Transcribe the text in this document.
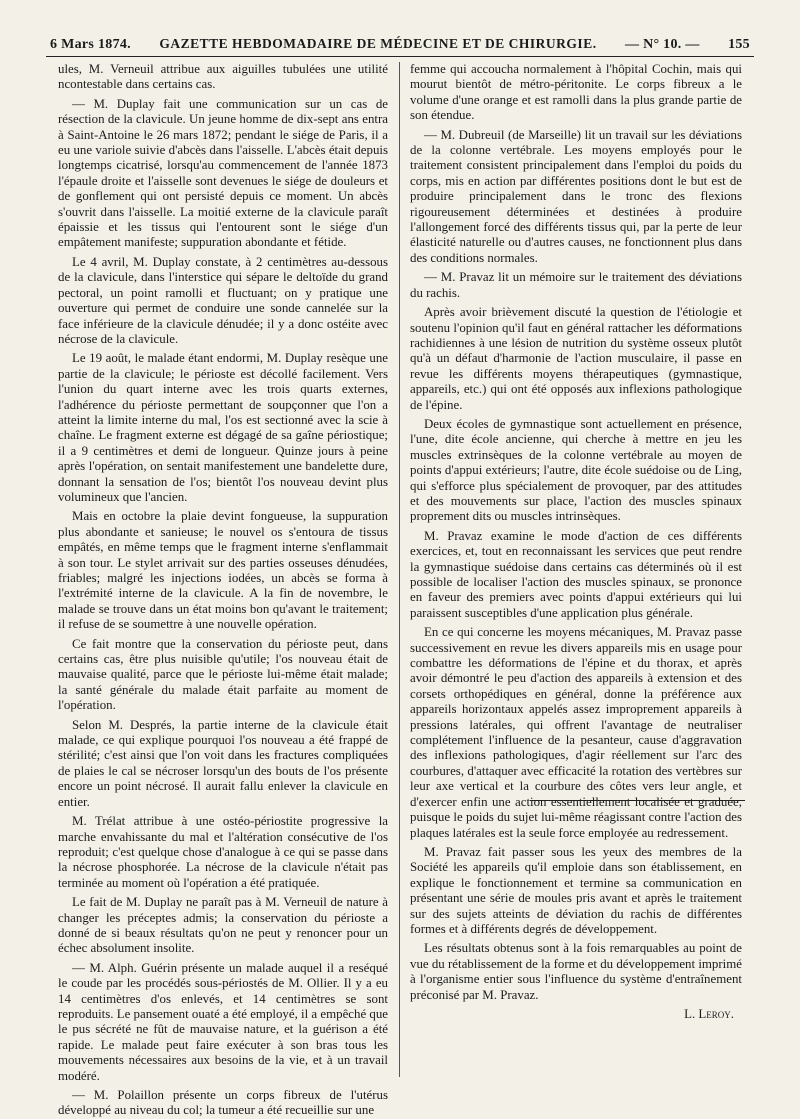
6 Mars 1874. GAZETTE HEBDOMADAIRE DE MÉDECINE ET DE CHIRURGIE. — N° 10. — 155

ules, M. Verneuil attribue aux aiguilles tubulées une utilité ncontestable dans certains cas.

— M. Duplay fait une communication sur un cas de résection de la clavicule. Un jeune homme de dix-sept ans entra à Saint-Antoine le 26 mars 1872; pendant le siége de Paris, il a eu une variole suivie d'abcès dans l'aisselle. L'abcès était depuis longtemps cicatrisé, lorsqu'au commencement de l'année 1873 l'épaule droite et l'aisselle sont devenues le siége de douleurs et de gonflement qui ont persisté depuis ce moment. Un abcès s'ouvrit dans l'aisselle. La moitié externe de la clavicule paraît épaissie et les tissus qui l'entourent sont le siége d'un empâtement manifeste; suppuration abondante et fétide.

Le 4 avril, M. Duplay constate, à 2 centimètres au-dessous de la clavicule, dans l'interstice qui sépare le deltoïde du grand pectoral, un point ramolli et fluctuant; on y pratique une ouverture qui permet de conduire une sonde cannelée sur la face inférieure de la clavicule dénudée; il y a donc ostéite avec nécrose de la clavicule.

Le 19 août, le malade étant endormi, M. Duplay resèque une partie de la clavicule; le périoste est décollé facilement. Vers l'union du quart interne avec les trois quarts externes, l'adhérence du périoste permettant de soupçonner que l'on a atteint la limite interne du mal, l'os est sectionné avec la scie à chaîne. Le fragment externe est dégagé de sa gaîne périostique; il a 9 centimètres et demi de longueur. Quinze jours à peine après l'opération, on sentait manifestement une bandelette dure, donnant la sensation de l'os; bientôt l'os nouveau devint plus volumineux que l'ancien.

Mais en octobre la plaie devint fongueuse, la suppuration plus abondante et sanieuse; le nouvel os s'entoura de tissus empâtés, en même temps que le fragment interne s'enflammait à son tour. Le stylet arrivait sur des parties osseuses dénudées, friables; malgré les injections iodées, un abcès se forma à l'extrémité interne de la clavicule. A la fin de novembre, le malade se trouve dans un état moins bon qu'avant le traitement; il refuse de se soumettre à une nouvelle opération.

Ce fait montre que la conservation du périoste peut, dans certains cas, être plus nuisible qu'utile; l'os nouveau était de mauvaise qualité, parce que le périoste lui-même était malade; la santé générale du malade était parfaite au moment de l'opération.

Selon M. Després, la partie interne de la clavicule était malade, ce qui explique pourquoi l'os nouveau a été frappé de stérilité; c'est ainsi que l'on voit dans les fractures compliquées de plaies le cal se nécroser lorsqu'un des bouts de l'os présente encore un point nécrosé. Il aurait fallu enlever la clavicule en entier.

M. Trélat attribue à une ostéo-périostite progressive la marche envahissante du mal et l'altération consécutive de l'os reproduit; c'est quelque chose d'analogue à ce qui se passe dans la nécrose phosphorée. La nécrose de la clavicule n'était pas terminée au moment où l'opération a été pratiquée.

Le fait de M. Duplay ne paraît pas à M. Verneuil de nature à changer les préceptes admis; la conservation du périoste a donné de si beaux résultats qu'on ne peut y renoncer pour un échec absolument insolite.

— M. Alph. Guérin présente un malade auquel il a reséqué le coude par les procédés sous-périostés de M. Ollier. Il y a eu 14 centimètres d'os enlevés, et 14 centimètres se sont reproduits. Le pansement ouaté a été employé, il a empêché que le pus sécrété ne fût de mauvaise nature, et la guérison a été rapide. Le malade peut faire exécuter à son bras tous les mouvements nécessaires aux besoins de la vie, et à un travail modéré.

— M. Polaillon présente un corps fibreux de l'utérus développé au niveau du col; la tumeur a été recueillie sur une

femme qui accoucha normalement à l'hôpital Cochin, mais qui mourut bientôt de métro-péritonite. Le corps fibreux a le volume d'une orange et est ramolli dans la plus grande partie de son étendue.

— M. Dubreuil (de Marseille) lit un travail sur les déviations de la colonne vertébrale. Les moyens employés pour le traitement consistent principalement dans l'emploi du poids du corps, mis en action par différentes positions dont le but est de produire principalement dans le tronc des flexions rigoureusement déterminées et destinées à produire l'allongement forcé des différents tissus qui, par la perte de leur élasticité naturelle ou d'autres causes, ne fonctionnent plus dans des conditions normales.

— M. Pravaz lit un mémoire sur le traitement des déviations du rachis.

Après avoir brièvement discuté la question de l'étiologie et soutenu l'opinion qu'il faut en général rattacher les déformations rachidiennes à une lésion de nutrition du système osseux plutôt qu'à un défaut d'harmonie de l'action musculaire, il passe en revue les différents moyens thérapeutiques (gymnastique, appareils, etc.) qui ont été opposés aux inflexions pathologique de l'épine.

Deux écoles de gymnastique sont actuellement en présence, l'une, dite école ancienne, qui cherche à mettre en jeu les muscles extrinsèques de la colonne vertébrale au moyen de points d'appui extérieurs; l'autre, dite école suédoise ou de Ling, qui s'efforce plus spécialement de provoquer, par des attitudes et des mouvements sur place, l'action des muscles spinaux proprement dits ou muscles intrinsèques.

M. Pravaz examine le mode d'action de ces différents exercices, et, tout en reconnaissant les services que peut rendre la gymnastique suédoise dans certains cas déterminés où il est possible de localiser l'action des muscles spinaux, se prononce en faveur des premiers avec points d'appui extérieurs qui lui paraissent susceptibles d'une application plus générale.

En ce qui concerne les moyens mécaniques, M. Pravaz passe successivement en revue les divers appareils mis en usage pour combattre les déformations de l'épine et du thorax, et après avoir démontré le peu d'action des appareils à extension et des corsets orthopédiques en général, donne la préférence aux appareils horizontaux appelés assez improprement appareils à pressions latérales, qui offrent l'avantage de neutraliser complétement l'influence de la pesanteur, cause d'aggravation des inflexions pathologiques, d'agir réellement sur l'arc des courbures, d'attaquer avec efficacité la rotation des vertèbres sur leur axe vertical et la courbure des côtes vers leur angle, et d'exercer enfin une action essentiellement localisée et graduée, puisque le poids du sujet lui-même réagissant contre l'action des plaques latérales est la seule force employée au redressement.

M. Pravaz fait passer sous les yeux des membres de la Société les appareils qu'il emploie dans son établissement, en explique le fonctionnement et termine sa communication en présentant une série de moules pris avant et après le traitement sur des sujets atteints de déviation du rachis de différentes formes et à différents degrés de développement.

Les résultats obtenus sont à la fois remarquables au point de vue du rétablissement de la forme et du développement imprimé à l'organisme entier sous l'influence du système d'entraînement préconisé par M. Pravaz.

L. Leroy.
